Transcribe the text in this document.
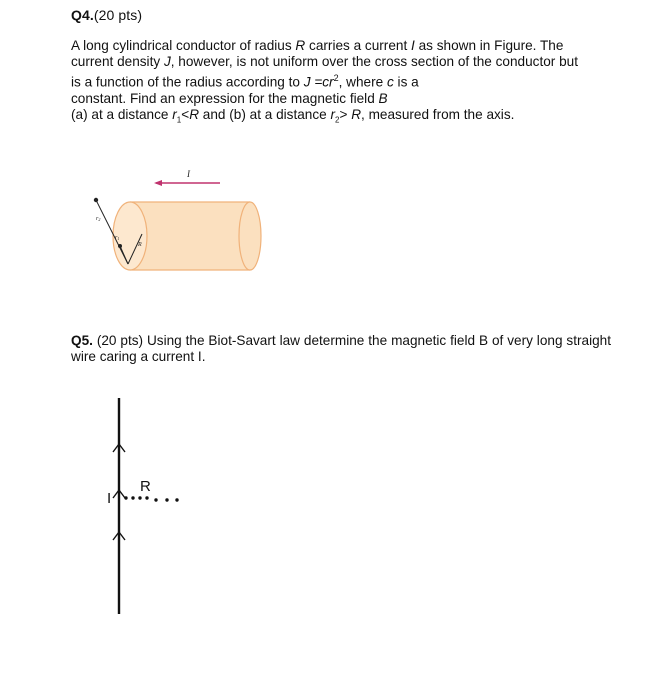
Q4.(20 pts)

A long cylindrical conductor of radius R carries a current I as shown in Figure. The

current density J, however, is not uniform over the cross section of the conductor but

is a function of the radius according to $J =cr^2$, where c is a

constant. Find an expression for the magnetic field B

(a) at a distance $r_1<R$ and (b) at a distance $r_2> R$, measured from the axis.

I
r2
r1
R
Q5. (20 pts) Using the Biot-Savart law determine the magnetic field B of very long straight wire caring a current I.
I
R
